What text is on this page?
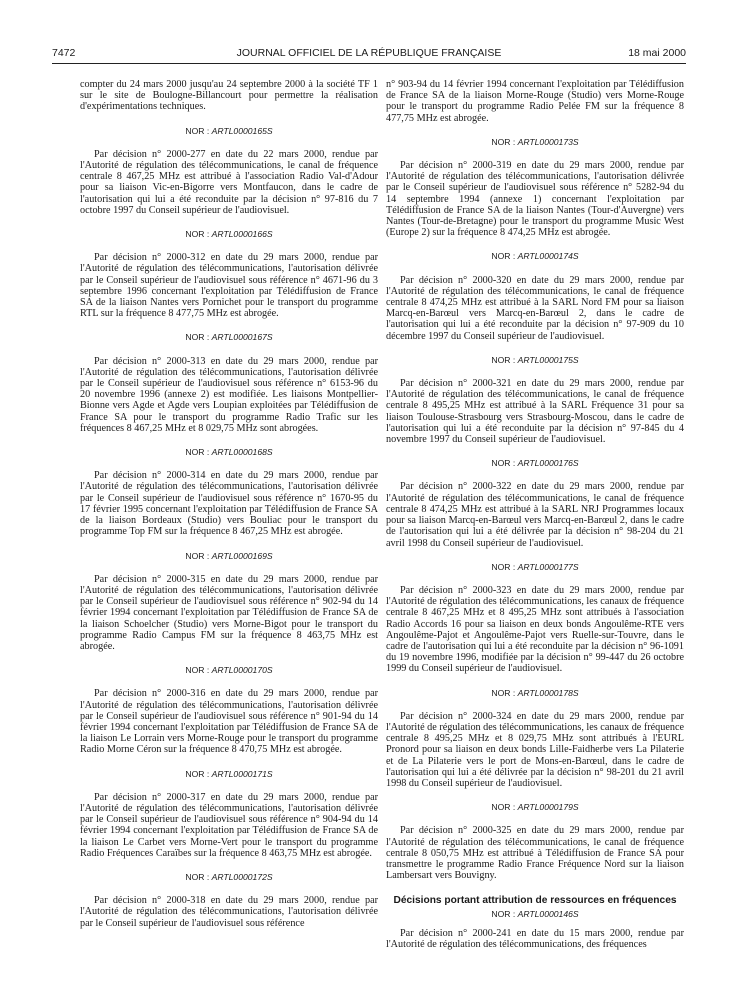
7472	JOURNAL OFFICIEL DE LA RÉPUBLIQUE FRANÇAISE	18 mai 2000

compter du 24 mars 2000 jusqu'au 24 septembre 2000 à la société TF 1 sur le site de Boulogne-Billancourt pour permettre la réalisation d'expérimentations techniques.

NOR : ARTL0000165S

Par décision n° 2000-277 en date du 22 mars 2000, rendue par l'Autorité de régulation des télécommunications, le canal de fréquence centrale 8 467,25 MHz est attribué à l'association Radio Val-d'Adour pour sa liaison Vic-en-Bigorre vers Montfaucon, dans le cadre de l'autorisation qui lui a été reconduite par la décision n° 97-816 du 7 octobre 1997 du Conseil supérieur de l'audiovisuel.

NOR : ARTL0000166S

Par décision n° 2000-312 en date du 29 mars 2000, rendue par l'Autorité de régulation des télécommunications, l'autorisation délivrée par le Conseil supérieur de l'audiovisuel sous référence n° 4671-96 du 3 septembre 1996 concernant l'exploitation par Télédiffusion de France SA de la liaison Nantes vers Pornichet pour le transport du programme RTL sur la fréquence 8 477,75 MHz est abrogée.

NOR : ARTL0000167S

Par décision n° 2000-313 en date du 29 mars 2000, rendue par l'Autorité de régulation des télécommunications, l'autorisation délivrée par le Conseil supérieur de l'audiovisuel sous référence n° 6153-96 du 20 novembre 1996 (annexe 2) est modifiée. Les liaisons Montpellier-Bionne vers Agde et Agde vers Loupian exploitées par Télédiffusion de France SA pour le transport du programme Radio Trafic sur les fréquences 8 467,25 MHz et 8 029,75 MHz sont abrogées.

NOR : ARTL0000168S

Par décision n° 2000-314 en date du 29 mars 2000, rendue par l'Autorité de régulation des télécommunications, l'autorisation délivrée par le Conseil supérieur de l'audiovisuel sous référence n° 1670-95 du 17 février 1995 concernant l'exploitation par Télédiffusion de France SA de la liaison Bordeaux (Studio) vers Bouliac pour le transport du programme Top FM sur la fréquence 8 467,25 MHz est abrogée.

NOR : ARTL0000169S

Par décision n° 2000-315 en date du 29 mars 2000, rendue par l'Autorité de régulation des télécommunications, l'autorisation délivrée par le Conseil supérieur de l'audiovisuel sous référence n° 902-94 du 14 février 1994 concernant l'exploitation par Télédiffusion de France SA de la liaison Schoelcher (Studio) vers Morne-Bigot pour le transport du programme Radio Campus FM sur la fréquence 8 463,75 MHz est abrogée.

NOR : ARTL0000170S

Par décision n° 2000-316 en date du 29 mars 2000, rendue par l'Autorité de régulation des télécommunications, l'autorisation délivrée par le Conseil supérieur de l'audiovisuel sous référence n° 901-94 du 14 février 1994 concernant l'exploitation par Télédiffusion de France SA de la liaison Le Lorrain vers Morne-Rouge pour le transport du programme Radio Morne Céron sur la fréquence 8 470,75 MHz est abrogée.

NOR : ARTL0000171S

Par décision n° 2000-317 en date du 29 mars 2000, rendue par l'Autorité de régulation des télécommunications, l'autorisation délivrée par le Conseil supérieur de l'audiovisuel sous référence n° 904-94 du 14 février 1994 concernant l'exploitation par Télédiffusion de France SA de la liaison Le Carbet vers Morne-Vert pour le transport du programme Radio Fréquences Caraïbes sur la fréquence 8 463,75 MHz est abrogée.

NOR : ARTL0000172S

Par décision n° 2000-318 en date du 29 mars 2000, rendue par l'Autorité de régulation des télécommunications, l'autorisation délivrée par le Conseil supérieur de l'audiovisuel sous référence

n° 903-94 du 14 février 1994 concernant l'exploitation par Télédiffusion de France SA de la liaison Morne-Rouge (Studio) vers Morne-Rouge pour le transport du programme Radio Pelée FM sur la fréquence 8 477,75 MHz est abrogée.

NOR : ARTL0000173S

Par décision n° 2000-319 en date du 29 mars 2000, rendue par l'Autorité de régulation des télécommunications, l'autorisation délivrée par le Conseil supérieur de l'audiovisuel sous référence n° 5282-94 du 14 septembre 1994 (annexe 1) concernant l'exploitation par Télédiffusion de France SA de la liaison Nantes (Tour-d'Auvergne) vers Nantes (Tour-de-Bretagne) pour le transport du programme Music West (Europe 2) sur la fréquence 8 474,25 MHz est abrogée.

NOR : ARTL0000174S

Par décision n° 2000-320 en date du 29 mars 2000, rendue par l'Autorité de régulation des télécommunications, le canal de fréquence centrale 8 474,25 MHz est attribué à la SARL Nord FM pour sa liaison Marcq-en-Barœul vers Marcq-en-Barœul 2, dans le cadre de l'autorisation qui lui a été reconduite par la décision n° 97-909 du 10 décembre 1997 du Conseil supérieur de l'audiovisuel.

NOR : ARTL0000175S

Par décision n° 2000-321 en date du 29 mars 2000, rendue par l'Autorité de régulation des télécommunications, le canal de fréquence centrale 8 495,25 MHz est attribué à la SARL Fréquence 31 pour sa liaison Toulouse-Strasbourg vers Strasbourg-Moscou, dans le cadre de l'autorisation qui lui a été reconduite par la décision n° 97-845 du 4 novembre 1997 du Conseil supérieur de l'audiovisuel.

NOR : ARTL0000176S

Par décision n° 2000-322 en date du 29 mars 2000, rendue par l'Autorité de régulation des télécommunications, le canal de fréquence centrale 8 474,25 MHz est attribué à la SARL NRJ Programmes locaux pour sa liaison Marcq-en-Barœul vers Marcq-en-Barœul 2, dans le cadre de l'autorisation qui lui a été délivrée par la décision n° 98-204 du 21 avril 1998 du Conseil supérieur de l'audiovisuel.

NOR : ARTL0000177S

Par décision n° 2000-323 en date du 29 mars 2000, rendue par l'Autorité de régulation des télécommunications, les canaux de fréquence centrale 8 467,25 MHz et 8 495,25 MHz sont attribués à l'association Radio Accords 16 pour sa liaison en deux bonds Angoulême-RTE vers Angoulême-Pajot et Angoulême-Pajot vers Ruelle-sur-Touvre, dans le cadre de l'autorisation qui lui a été reconduite par la décision n° 96-1091 du 19 novembre 1996, modifiée par la décision n° 99-447 du 26 octobre 1999 du Conseil supérieur de l'audiovisuel.

NOR : ARTL0000178S

Par décision n° 2000-324 en date du 29 mars 2000, rendue par l'Autorité de régulation des télécommunications, les canaux de fréquence centrale 8 495,25 MHz et 8 029,75 MHz sont attribués à l'EURL Pronord pour sa liaison en deux bonds Lille-Faidherbe vers La Pilaterie et de La Pilaterie vers le port de Mons-en-Barœul, dans le cadre de l'autorisation qui lui a été délivrée par la décision n° 98-201 du 21 avril 1998 du Conseil supérieur de l'audiovisuel.

NOR : ARTL0000179S

Par décision n° 2000-325 en date du 29 mars 2000, rendue par l'Autorité de régulation des télécommunications, le canal de fréquence centrale 8 050,75 MHz est attribué à Télédiffusion de France SA pour transmettre le programme Radio France Fréquence Nord sur la liaison Lambersart vers Bouvigny.

Décisions portant attribution de ressources en fréquences
NOR : ARTL0000146S

Par décision n° 2000-241 en date du 15 mars 2000, rendue par l'Autorité de régulation des télécommunications, des fréquences
